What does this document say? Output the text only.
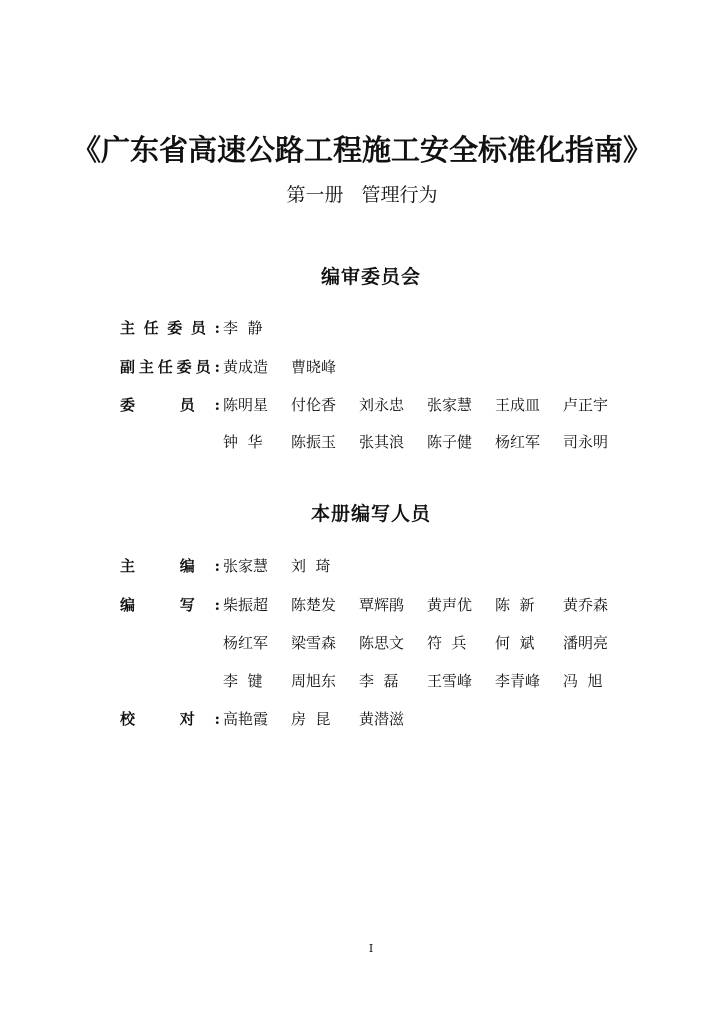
《广东省高速公路工程施工安全标准化指南》
第一册   管理行为
编审委员会
主任委员: 李  静
副主任委员: 黄成造 曹晓峰
委 员: 陈明星 付伦香 刘永忠 张家慧 王成皿 卢正宇
钟  华 陈振玉 张其浪 陈子健 杨红军 司永明
本册编写人员
主 编: 张家慧 刘  琦
编 写: 柴振超 陈楚发 覃辉鹃 黄声优 陈  新 黄乔森
杨红军 梁雪森 陈思文 符  兵 何  斌 潘明亮
李  键 周旭东 李  磊 王雪峰 李青峰 冯  旭
校 对: 高艳霞 房  昆 黄潜滋
I
